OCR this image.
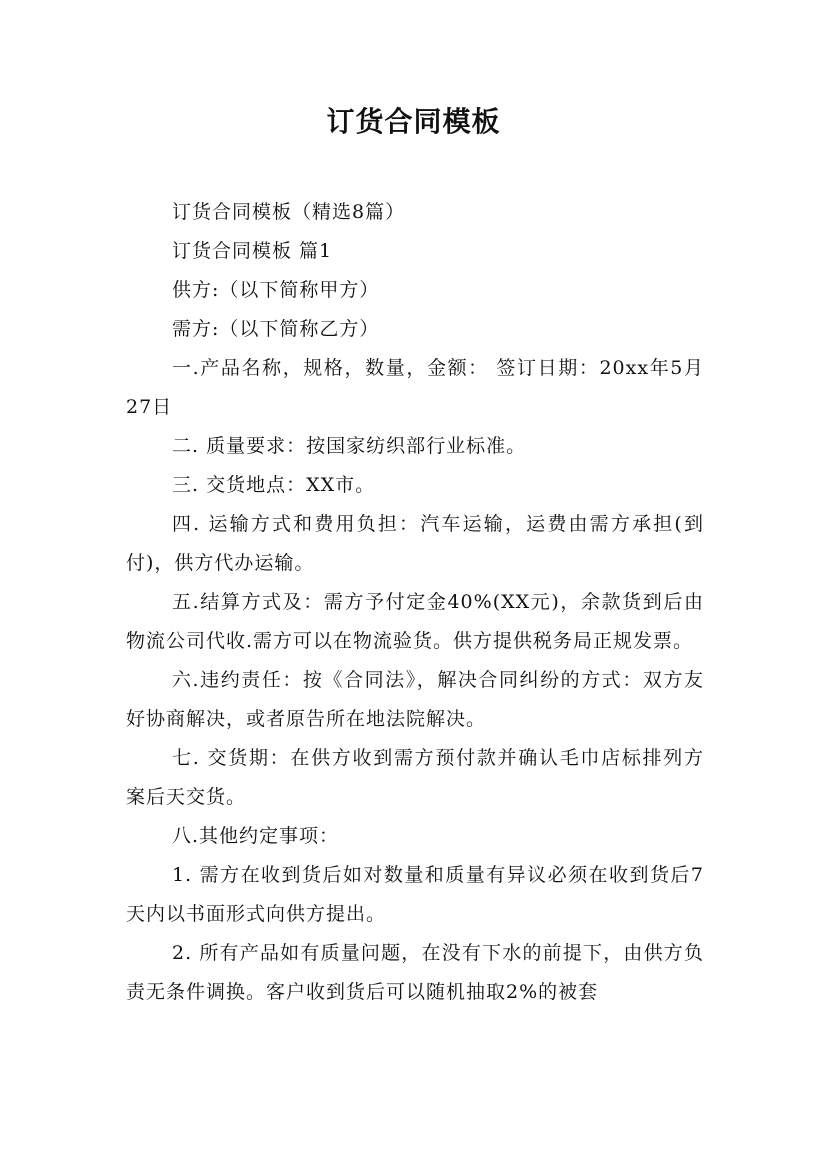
订货合同模板

订货合同模板（精选8篇）

订货合同模板 篇1

供方:（以下简称甲方）

需方:（以下简称乙方）

一.产品名称，规格，数量，金额： 签订日期：20xx年5月27日

二. 质量要求：按国家纺织部行业标准。

三. 交货地点：XX市。

四. 运输方式和费用负担：汽车运输，运费由需方承担(到付)，供方代办运输。

五.结算方式及：需方予付定金40%(XX元)，余款货到后由物流公司代收.需方可以在物流验货。供方提供税务局正规发票。

六.违约责任：按《合同法》，解决合同纠纷的方式：双方友好协商解决，或者原告所在地法院解决。

七. 交货期：在供方收到需方预付款并确认毛巾店标排列方案后天交货。

八.其他约定事项：

1. 需方在收到货后如对数量和质量有异议必须在收到货后7天内以书面形式向供方提出。

2. 所有产品如有质量问题，在没有下水的前提下，由供方负责无条件调换。客户收到货后可以随机抽取2%的被套
